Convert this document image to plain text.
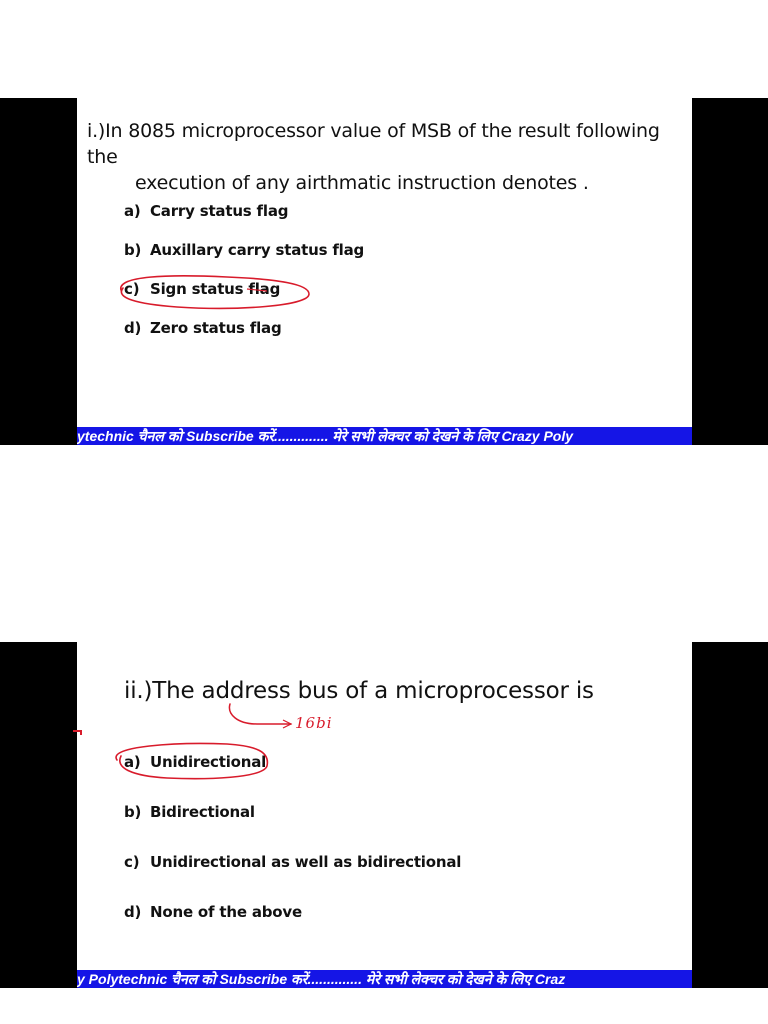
i.)In 8085 microprocessor value of MSB of the result following the
execution of any airthmatic instruction denotes .
a) Carry status flag
b) Auxillary carry status flag
c) Sign status flag
d) Zero status flag
ytechnic चैनल को Subscribe करें.............. मेरे सभी लेक्चर को देखने के लिए Crazy Poly
ii.)The address bus of a microprocessor is
16bi
a) Unidirectional
b) Bidirectional
c) Unidirectional as well as bidirectional
d) None of the above
y Polytechnic चैनल को Subscribe करें.............. मेरे सभी लेक्चर को देखने के लिए Craz
